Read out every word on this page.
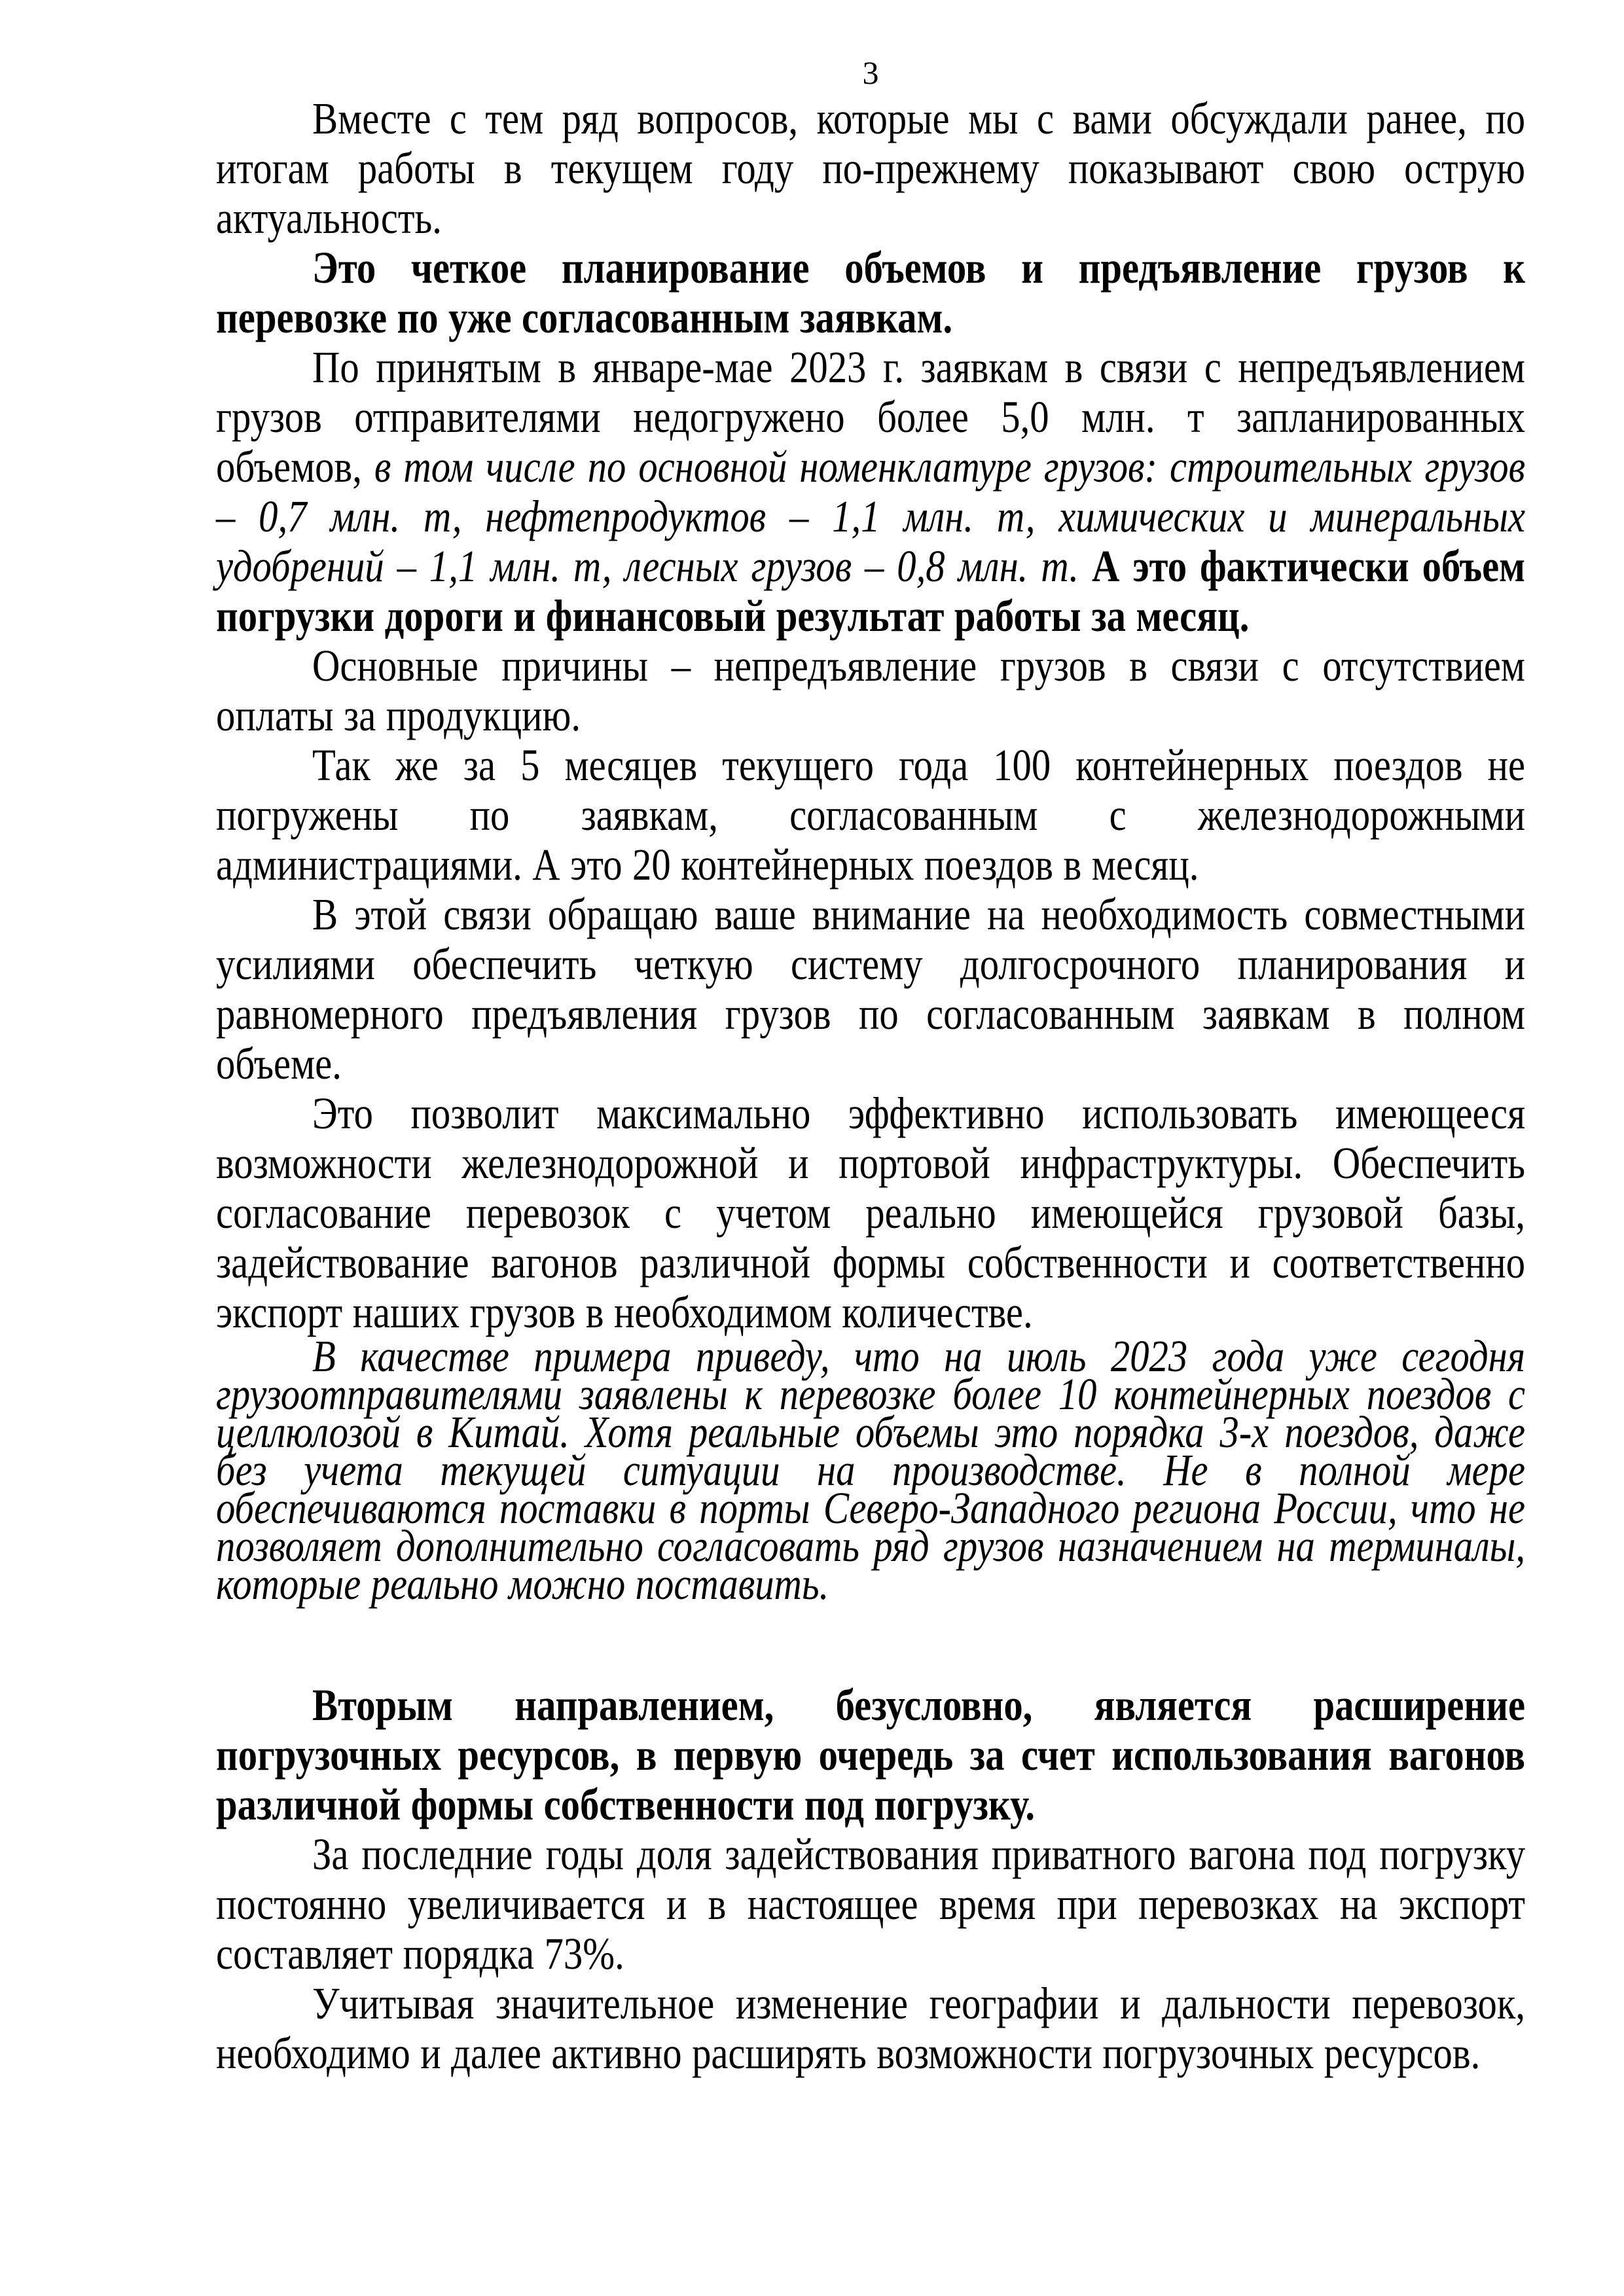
3

Вместе с тем ряд вопросов, которые мы с вами обсуждали ранее, по итогам работы в текущем году по-прежнему показывают свою острую актуальность.

Это четкое планирование объемов и предъявление грузов к перевозке по уже согласованным заявкам.

По принятым в январе-мае 2023 г. заявкам в связи с непредъявлением грузов отправителями недогружено более 5,0 млн. т запланированных объемов, в том числе по основной номенклатуре грузов: строительных грузов – 0,7 млн. т, нефтепродуктов – 1,1 млн. т, химических и минеральных удобрений – 1,1 млн. т, лесных грузов – 0,8 млн. т. А это фактически объем погрузки дороги и финансовый результат работы за месяц.

Основные причины – непредъявление грузов в связи с отсутствием оплаты за продукцию.

Так же за 5 месяцев текущего года 100 контейнерных поездов не погружены по заявкам, согласованным с железнодорожными администрациями. А это 20 контейнерных поездов в месяц.

В этой связи обращаю ваше внимание на необходимость совместными усилиями обеспечить четкую систему долгосрочного планирования и равномерного предъявления грузов по согласованным заявкам в полном объеме.

Это позволит максимально эффективно использовать имеющееся возможности железнодорожной и портовой инфраструктуры. Обеспечить согласование перевозок с учетом реально имеющейся грузовой базы, задействование вагонов различной формы собственности и соответственно экспорт наших грузов в необходимом количестве.

В качестве примера приведу, что на июль 2023 года уже сегодня грузоотправителями заявлены к перевозке более 10 контейнерных поездов с целлюлозой в Китай. Хотя реальные объемы это порядка 3-х поездов, даже без учета текущей ситуации на производстве. Не в полной мере обеспечиваются поставки в порты Северо-Западного региона России, что не позволяет дополнительно согласовать ряд грузов назначением на терминалы, которые реально можно поставить.

Вторым направлением, безусловно, является расширение погрузочных ресурсов, в первую очередь за счет использования вагонов различной формы собственности под погрузку.

За последние годы доля задействования приватного вагона под погрузку постоянно увеличивается и в настоящее время при перевозках на экспорт составляет порядка 73%.

Учитывая значительное изменение географии и дальности перевозок, необходимо и далее активно расширять возможности погрузочных ресурсов.
